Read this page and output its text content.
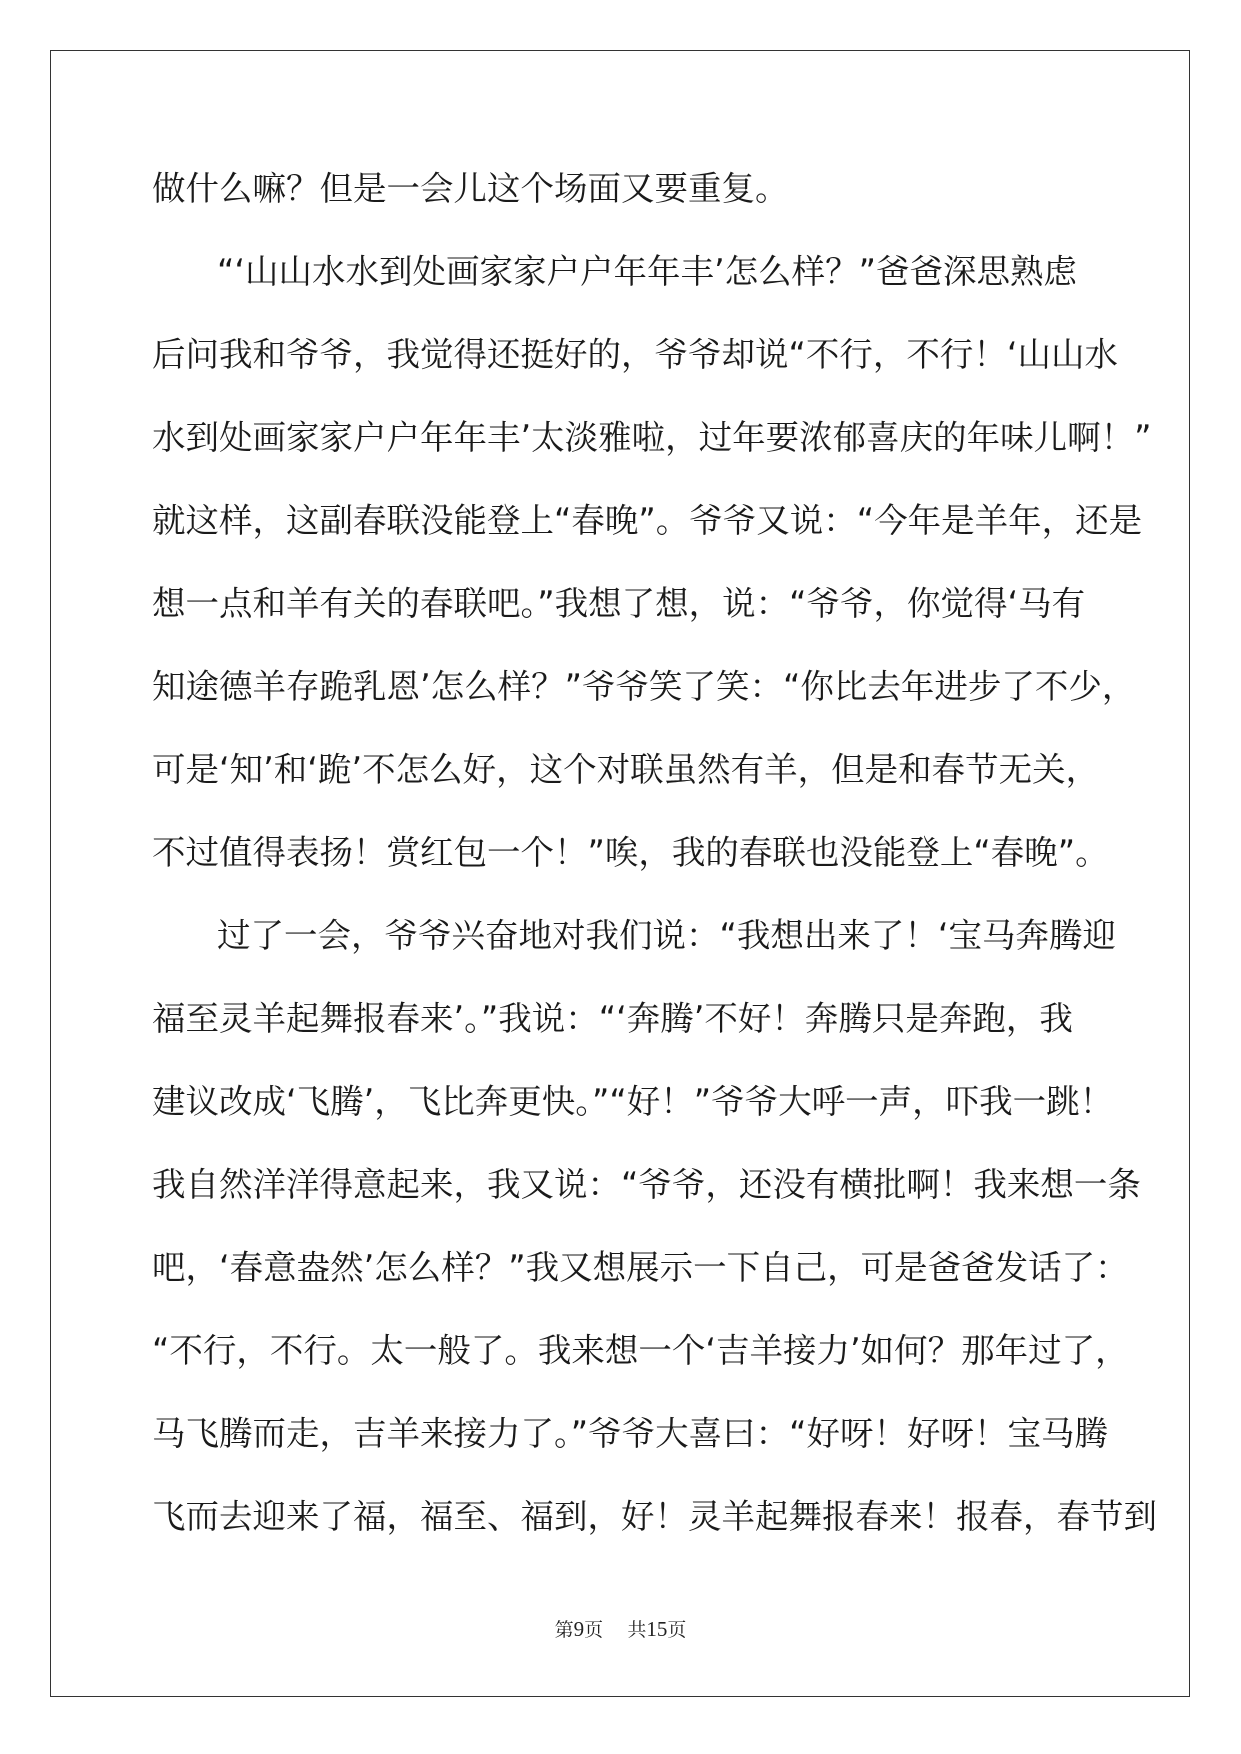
做什么嘛？但是一会儿这个场面又要重复。
“‘山山水水到处画家家户户年年丰’怎么样？”爸爸深思熟虑
后问我和爷爷，我觉得还挺好的，爷爷却说“不行，不行！‘山山水
水到处画家家户户年年丰’太淡雅啦，过年要浓郁喜庆的年味儿啊！”
就这样，这副春联没能登上“春晚”。爷爷又说：“今年是羊年，还是
想一点和羊有关的春联吧。”我想了想，说：“爷爷，你觉得‘马有
知途德羊存跪乳恩’怎么样？”爷爷笑了笑：“你比去年进步了不少，
可是‘知’和‘跪’不怎么好，这个对联虽然有羊，但是和春节无关，
不过值得表扬！赏红包一个！”唉，我的春联也没能登上“春晚”。
过了一会，爷爷兴奋地对我们说：“我想出来了！‘宝马奔腾迎
福至灵羊起舞报春来’。”我说：“‘奔腾’不好！奔腾只是奔跑，我
建议改成‘飞腾’，飞比奔更快。”“好！”爷爷大呼一声，吓我一跳！
我自然洋洋得意起来，我又说：“爷爷，还没有横批啊！我来想一条
吧，‘春意盎然’怎么样？”我又想展示一下自己，可是爸爸发话了：
“不行，不行。太一般了。我来想一个‘吉羊接力’如何？那年过了，
马飞腾而走，吉羊来接力了。”爷爷大喜曰：“好呀！好呀！宝马腾
飞而去迎来了福，福至、福到，好！灵羊起舞报春来！报春，春节到
第9页 共15页
